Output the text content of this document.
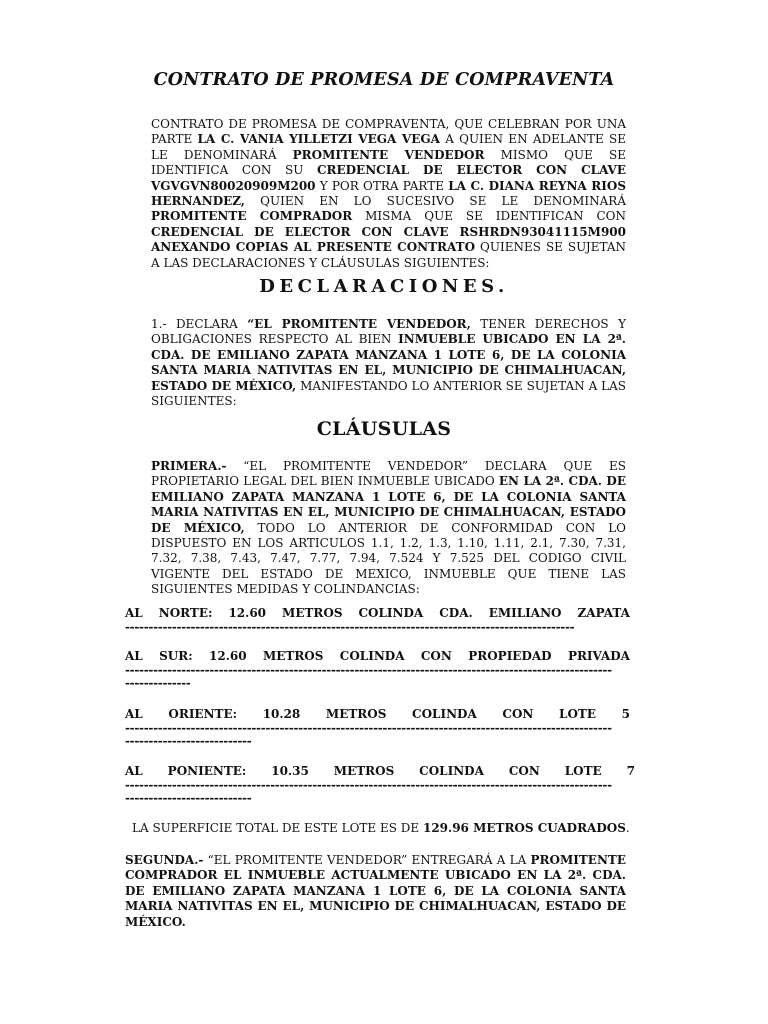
CONTRATO DE PROMESA DE COMPRAVENTA

CONTRATO DE PROMESA DE COMPRAVENTA, QUE CELEBRAN POR UNA PARTE LA C. VANIA YILLETZI VEGA VEGA A QUIEN EN ADELANTE SE LE DENOMINARÁ PROMITENTE VENDEDOR MISMO QUE SE IDENTIFICA CON SU CREDENCIAL DE ELECTOR CON CLAVE VGVGVN80020909M200 Y POR OTRA PARTE LA C. DIANA REYNA RIOS HERNANDEZ, QUIEN EN LO SUCESIVO SE LE DENOMINARÁ PROMITENTE COMPRADOR MISMA QUE SE IDENTIFICAN CON CREDENCIAL DE ELECTOR CON CLAVE RSHRDN93041115M900 ANEXANDO COPIAS AL PRESENTE CONTRATO QUIENES SE SUJETAN A LAS DECLARACIONES Y CLÁUSULAS SIGUIENTES:

DECLARACIONES.

1.- DECLARA “EL PROMITENTE VENDEDOR, TENER DERECHOS Y OBLIGACIONES RESPECTO AL BIEN INMUEBLE UBICADO EN LA 2ª. CDA. DE EMILIANO ZAPATA MANZANA 1 LOTE 6, DE LA COLONIA SANTA MARIA NATIVITAS EN EL, MUNICIPIO DE CHIMALHUACAN, ESTADO DE MÉXICO, MANIFESTANDO LO ANTERIOR SE SUJETAN A LAS SIGUIENTES:

CLÁUSULAS

PRIMERA.- “EL PROMITENTE VENDEDOR” DECLARA QUE ES PROPIETARIO LEGAL DEL BIEN INMUEBLE UBICADO EN LA 2ª. CDA. DE EMILIANO ZAPATA MANZANA 1 LOTE 6, DE LA COLONIA SANTA MARIA NATIVITAS EN EL, MUNICIPIO DE CHIMALHUACAN, ESTADO DE MÉXICO, TODO LO ANTERIOR DE CONFORMIDAD CON LO DISPUESTO EN LOS ARTICULOS 1.1, 1.2, 1.3, 1.10, 1.11, 2.1, 7.30, 7.31, 7.32, 7.38, 7.43, 7.47, 7.77, 7.94, 7.524 Y 7.525 DEL CODIGO CIVIL VIGENTE DEL ESTADO DE MEXICO, INMUEBLE QUE TIENE LAS SIGUIENTES MEDIDAS Y COLINDANCIAS:

AL NORTE: 12.60 METROS COLINDA CDA. EMILIANO ZAPATA
------------------------------------------------------------------------------------------------
AL SUR: 12.60 METROS COLINDA CON PROPIEDAD PRIVADA
--------------------------------------------------------------------------------------------------------
--------------
AL ORIENTE: 10.28 METROS COLINDA CON LOTE 5
--------------------------------------------------------------------------------------------------------
---------------------------
AL PONIENTE: 10.35 METROS COLINDA CON LOTE 7
--------------------------------------------------------------------------------------------------------
---------------------------

LA SUPERFICIE TOTAL DE ESTE LOTE ES DE 129.96 METROS CUADRADOS.

SEGUNDA.- “EL PROMITENTE VENDEDOR” ENTREGARÁ A LA PROMITENTE COMPRADOR EL INMUEBLE ACTUALMENTE UBICADO EN LA 2ª. CDA. DE EMILIANO ZAPATA MANZANA 1 LOTE 6, DE LA COLONIA SANTA MARIA NATIVITAS EN EL, MUNICIPIO DE CHIMALHUACAN, ESTADO DE MÉXICO.
